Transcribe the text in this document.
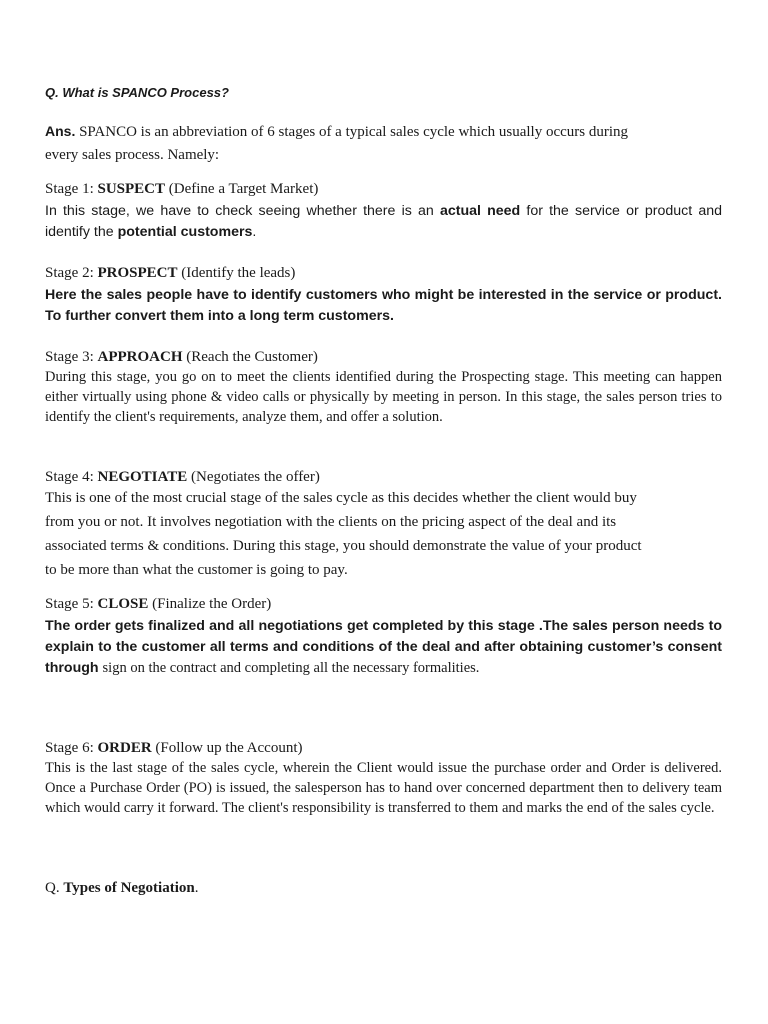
Q. What is SPANCO Process?

Ans. SPANCO is an abbreviation of 6 stages of a typical sales cycle which usually occurs during

every sales process. Namely:

Stage 1: SUSPECT (Define a Target Market)

In this stage, we have to check seeing whether there is an actual need for the service or product and identify the potential customers.

Stage 2: PROSPECT (Identify the leads)

Here the sales people have to identify customers who might be interested in the service or product. To further convert them into a long term customers.

Stage 3: APPROACH (Reach the Customer)

During this stage, you go on to meet the clients identified during the Prospecting stage. This meeting can happen either virtually using phone & video calls or physically by meeting in person. In this stage, the sales person tries to identify the client's requirements, analyze them, and offer a solution.

Stage 4: NEGOTIATE (Negotiates the offer)

This is one of the most crucial stage of the sales cycle as this decides whether the client would buy

from you or not. It involves negotiation with the clients on the pricing aspect of the deal and its

associated terms & conditions. During this stage, you should demonstrate the value of your product

to be more than what the customer is going to pay.

Stage 5: CLOSE (Finalize the Order)

The order gets finalized and all negotiations get completed by this stage .The sales person needs to explain to the customer all terms and conditions of the deal and after obtaining customer’s consent through sign on the contract and completing all the necessary formalities.

Stage 6: ORDER (Follow up the Account)

This is the last stage of the sales cycle, wherein the Client would issue the purchase order and Order is delivered. Once a Purchase Order (PO) is issued, the salesperson has to hand over concerned department then to delivery team which would carry it forward. The client's responsibility is transferred to them and marks the end of the sales cycle.

Q. Types of Negotiation.
